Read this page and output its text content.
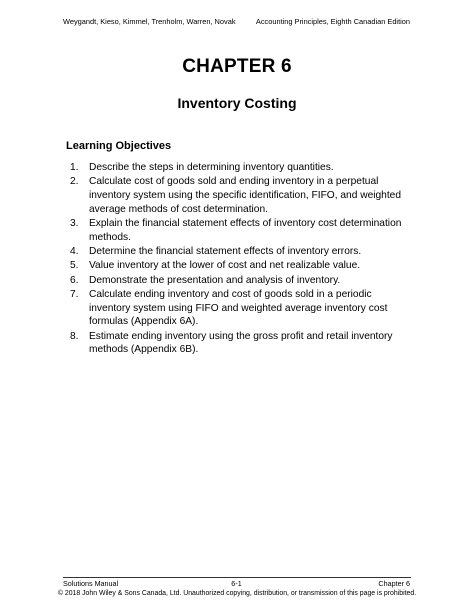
Weygandt, Kieso, Kimmel, Trenholm, Warren, Novak	Accounting Principles, Eighth Canadian Edition
CHAPTER 6
Inventory Costing
Learning Objectives
1.	Describe the steps in determining inventory quantities.
2.	Calculate cost of goods sold and ending inventory in a perpetual inventory system using the specific identification, FIFO, and weighted average methods of cost determination.
3.	Explain the financial statement effects of inventory cost determination methods.
4.	Determine the financial statement effects of inventory errors.
5.	Value inventory at the lower of cost and net realizable value.
6.	Demonstrate the presentation and analysis of inventory.
7.	Calculate ending inventory and cost of goods sold in a periodic inventory system using FIFO and weighted average inventory cost formulas (Appendix 6A).
8.	Estimate ending inventory using the gross profit and retail inventory methods (Appendix 6B).
Solutions Manual	6-1	Chapter 6
© 2018 John Wiley & Sons Canada, Ltd. Unauthorized copying, distribution, or transmission of this page is prohibited.
